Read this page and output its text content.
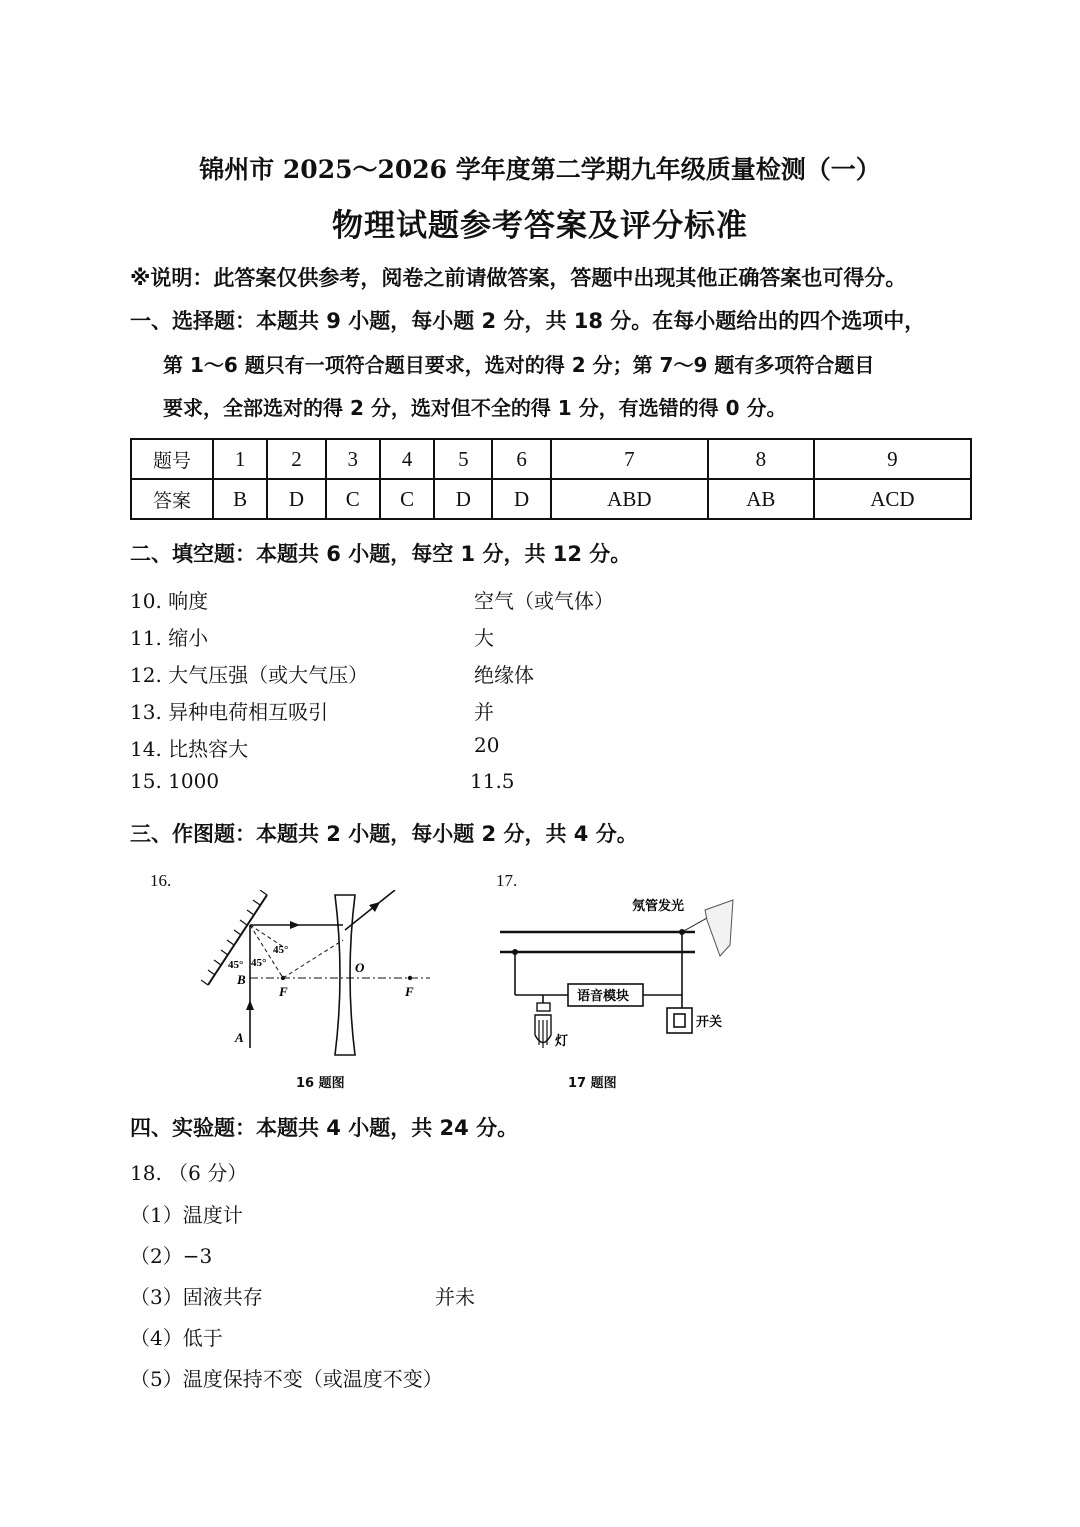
锦州市 2025～2026 学年度第二学期九年级质量检测（一）
物理试题参考答案及评分标准
※说明：此答案仅供参考，阅卷之前请做答案，答题中出现其他正确答案也可得分。
一、选择题：本题共 9 小题，每小题 2 分，共 18 分。在每小题给出的四个选项中，
第 1～6 题只有一项符合题目要求，选对的得 2 分；第 7～9 题有多项符合题目
要求，全部选对的得 2 分，选对但不全的得 1 分，有选错的得 0 分。
题号	1	2	3	4	5	6	7	8	9
答案	B	D	C	C	D	D	ABD	AB	ACD
二、填空题：本题共 6 小题，每空 1 分，共 12 分。
10. 响度	空气（或气体）
11. 缩小	大
12. 大气压强（或大气压）	绝缘体
13. 异种电荷相互吸引	并
14. 比热容大	20
15. 1000	11.5
三、作图题：本题共 2 小题，每小题 2 分，共 4 分。
16.	17.
45°
45° 45°
B
A
F	F
O
16 题图
语音模块
开关
灯
氖管发光
17 题图
四、实验题：本题共 4 小题，共 24 分。
18. （6 分）
（1）温度计
（2）−3
（3）固液共存	并未
（4）低于
（5）温度保持不变（或温度不变）
